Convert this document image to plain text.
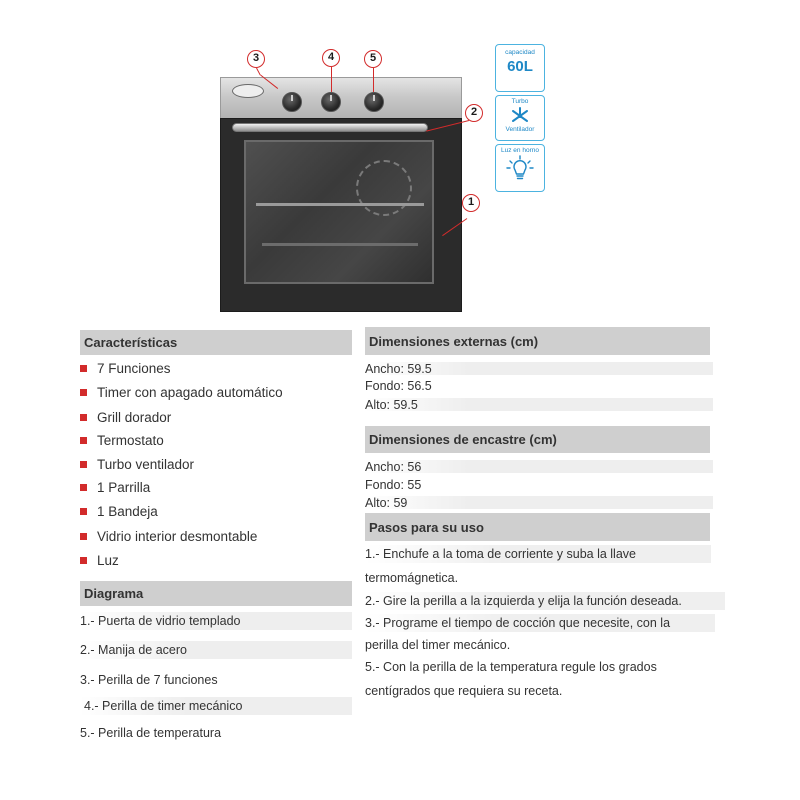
3	4	5
2
1
capacidad
60L
Turbo
Ventilador
Luz en horno
Características
7 Funciones
Timer con apagado automático
Grill dorador
Termostato
Turbo ventilador
1 Parrilla
1 Bandeja
Vidrio interior desmontable
Luz
Diagrama
1.- Puerta de vidrio templado
2.- Manija de acero
3.- Perilla de 7 funciones
4.- Perilla de timer mecánico
5.- Perilla de temperatura
Dimensiones externas (cm)
Ancho: 59.5
Fondo: 56.5
Alto: 59.5
Dimensiones de encastre (cm)
Ancho: 56
Fondo: 55
Alto: 59
Pasos para su uso
1.- Enchufe a la toma de corriente y suba la llave
termomágnetica.
2.- Gire la perilla a la izquierda y elija la función deseada.
3.- Programe el tiempo de cocción que necesite, con la
perilla del timer mecánico.
5.- Con la perilla de la temperatura regule los grados
centígrados que requiera su receta.
